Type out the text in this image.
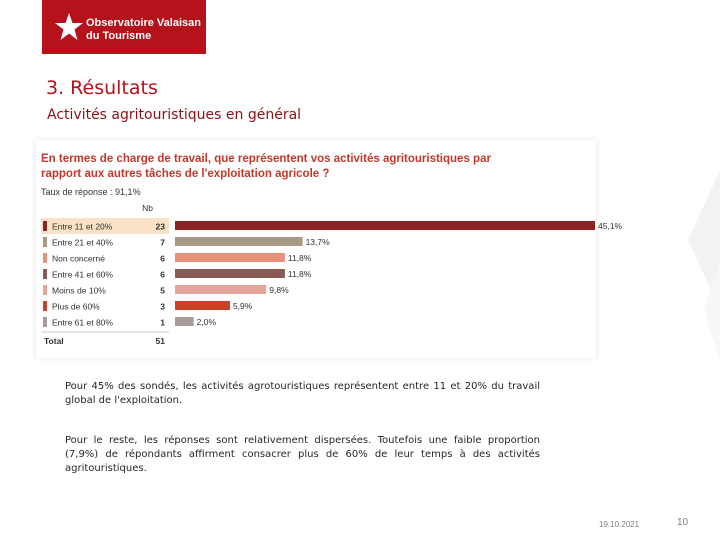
Observatoire Valaisan
du Tourisme
3. Résultats
Activités agritouristiques en général
En termes de charge de travail, que représentent vos activités agritouristiques par
rapport aux autres tâches de l'exploitation agricole ?
Taux de réponse : 91,1%
Nb
Entre 11 et 20%	23	45,1%
Entre 21 et 40%	7	13,7%
Non concerné	6	11,8%
Entre 41 et 60%	6	11,8%
Moins de 10%	5	9,8%
Plus de 60%	3	5,9%
Entre 61 et 80%	1	2,0%
Total	51
Pour 45% des sondés, les activités agrotouristiques représentent entre 11 et 20% du travail global de l'exploitation.
Pour le reste, les réponses sont relativement dispersées. Toutefois une faible proportion (7,9%) de répondants affirment consacrer plus de 60% de leur temps à des activités agritouristiques.
19.10.2021	10
